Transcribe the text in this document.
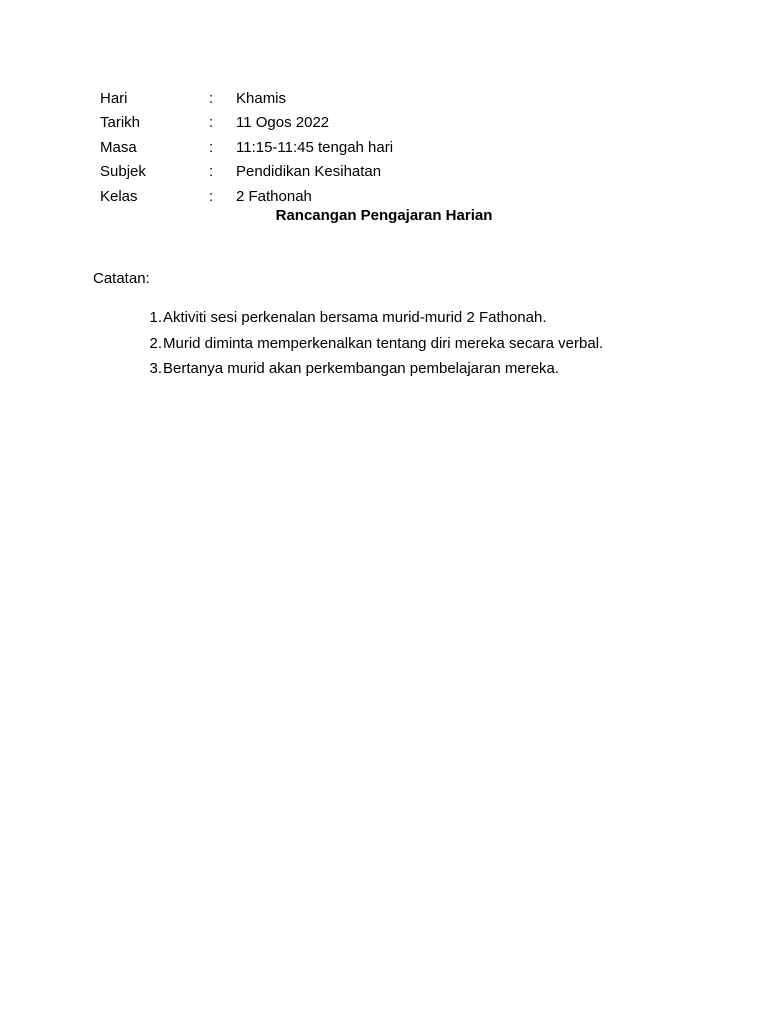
Hari	:	Khamis
Tarikh	:	11 Ogos 2022
Masa	:	11:15-11:45 tengah hari
Subjek	:	Pendidikan Kesihatan
Kelas	:	2 Fathonah
Rancangan Pengajaran Harian
Catatan:
1. Aktiviti sesi perkenalan bersama murid-murid 2 Fathonah.
2. Murid diminta memperkenalkan tentang diri mereka secara verbal.
3. Bertanya murid akan perkembangan pembelajaran mereka.
